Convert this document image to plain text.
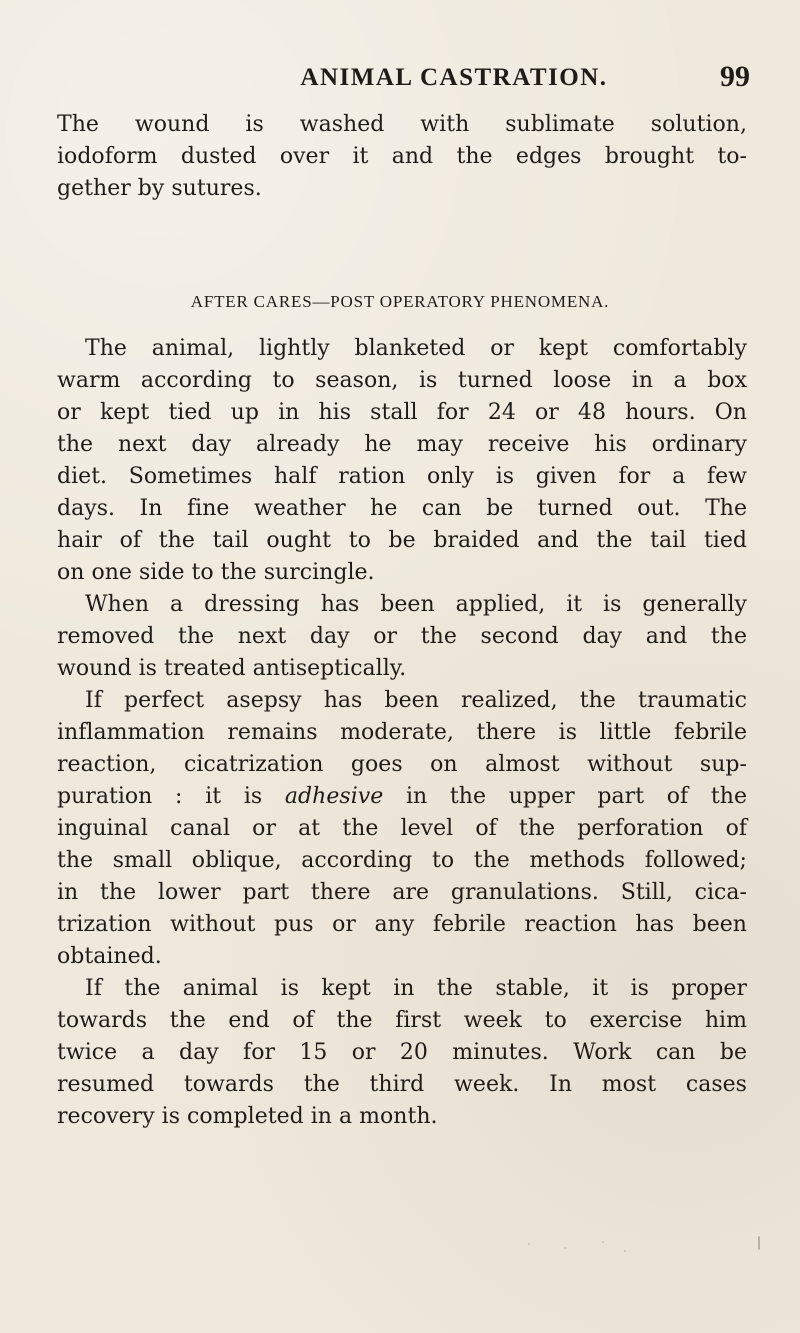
ANIMAL CASTRATION.	99
The wound is washed with sublimate solution,
iodoform dusted over it and the edges brought to-
gether by sutures.
AFTER CARES—POST OPERATORY PHENOMENA.
The animal, lightly blanketed or kept comfortably
warm according to season, is turned loose in a box
or kept tied up in his stall for 24 or 48 hours. On
the next day already he may receive his ordinary
diet. Sometimes half ration only is given for a few
days. In fine weather he can be turned out. The
hair of the tail ought to be braided and the tail tied
on one side to the surcingle.
When a dressing has been applied, it is generally
removed the next day or the second day and the
wound is treated antiseptically.
If perfect asepsy has been realized, the traumatic
inflammation remains moderate, there is little febrile
reaction, cicatrization goes on almost without sup-
puration : it is adhesive in the upper part of the
inguinal canal or at the level of the perforation of
the small oblique, according to the methods followed;
in the lower part there are granulations. Still, cica-
trization without pus or any febrile reaction has been
obtained.
If the animal is kept in the stable, it is proper
towards the end of the first week to exercise him
twice a day for 15 or 20 minutes. Work can be
resumed towards the third week. In most cases
recovery is completed in a month.
